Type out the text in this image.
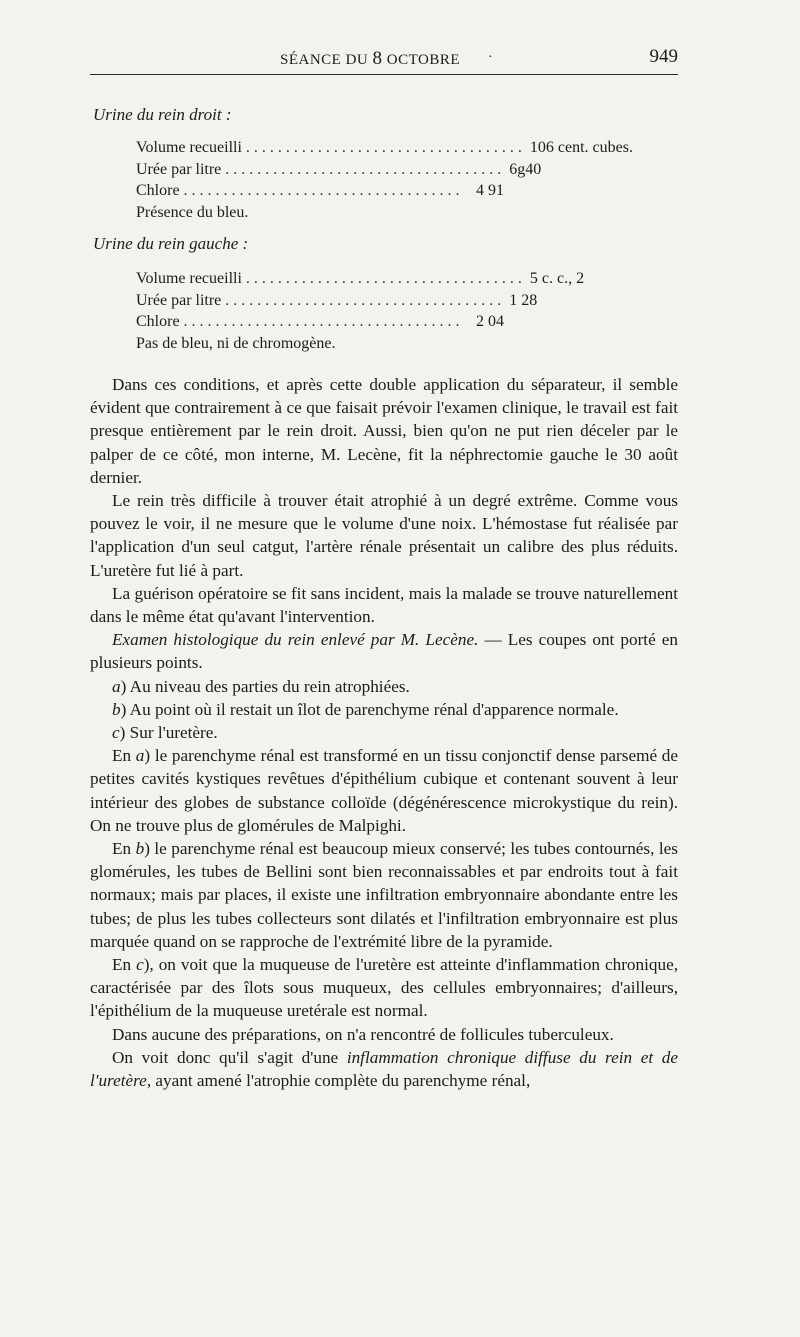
SÉANCE DU 8 OCTOBRE ·	949
Urine du rein droit :
Volume recueilli ................................... 106 cent. cubes.
Urée par litre ................................... 6g40
Chlore ................................... 4 91
Présence du bleu.
Urine du rein gauche :
Volume recueilli ................................... 5 c. c., 2
Urée par litre ................................... 1 28
Chlore ................................... 2 04
Pas de bleu, ni de chromogène.

Dans ces conditions, et après cette double application du séparateur, il semble évident que contrairement à ce que faisait prévoir l'examen clinique, le travail est fait presque entièrement par le rein droit. Aussi, bien qu'on ne put rien déceler par le palper de ce côté, mon interne, M. Lecène, fit la néphrectomie gauche le 30 août dernier.

Le rein très difficile à trouver était atrophié à un degré extrême. Comme vous pouvez le voir, il ne mesure que le volume d'une noix. L'hémostase fut réalisée par l'application d'un seul catgut, l'artère rénale présentait un calibre des plus réduits. L'uretère fut lié à part.

La guérison opératoire se fit sans incident, mais la malade se trouve naturellement dans le même état qu'avant l'intervention.

Examen histologique du rein enlevé par M. Lecène. — Les coupes ont porté en plusieurs points.

a) Au niveau des parties du rein atrophiées.

b) Au point où il restait un îlot de parenchyme rénal d'apparence normale.

c) Sur l'uretère.

En a) le parenchyme rénal est transformé en un tissu conjonctif dense parsemé de petites cavités kystiques revêtues d'épithélium cubique et contenant souvent à leur intérieur des globes de substance colloïde (dégénérescence microkystique du rein). On ne trouve plus de glomérules de Malpighi.

En b) le parenchyme rénal est beaucoup mieux conservé; les tubes contournés, les glomérules, les tubes de Bellini sont bien reconnaissables et par endroits tout à fait normaux; mais par places, il existe une infiltration embryonnaire abondante entre les tubes; de plus les tubes collecteurs sont dilatés et l'infiltration embryonnaire est plus marquée quand on se rapproche de l'extrémité libre de la pyramide.

En c), on voit que la muqueuse de l'uretère est atteinte d'inflammation chronique, caractérisée par des îlots sous muqueux, des cellules embryonnaires; d'ailleurs, l'épithélium de la muqueuse uretérale est normal.

Dans aucune des préparations, on n'a rencontré de follicules tuberculeux.

On voit donc qu'il s'agit d'une inflammation chronique diffuse du rein et de l'uretère, ayant amené l'atrophie complète du parenchyme rénal,
